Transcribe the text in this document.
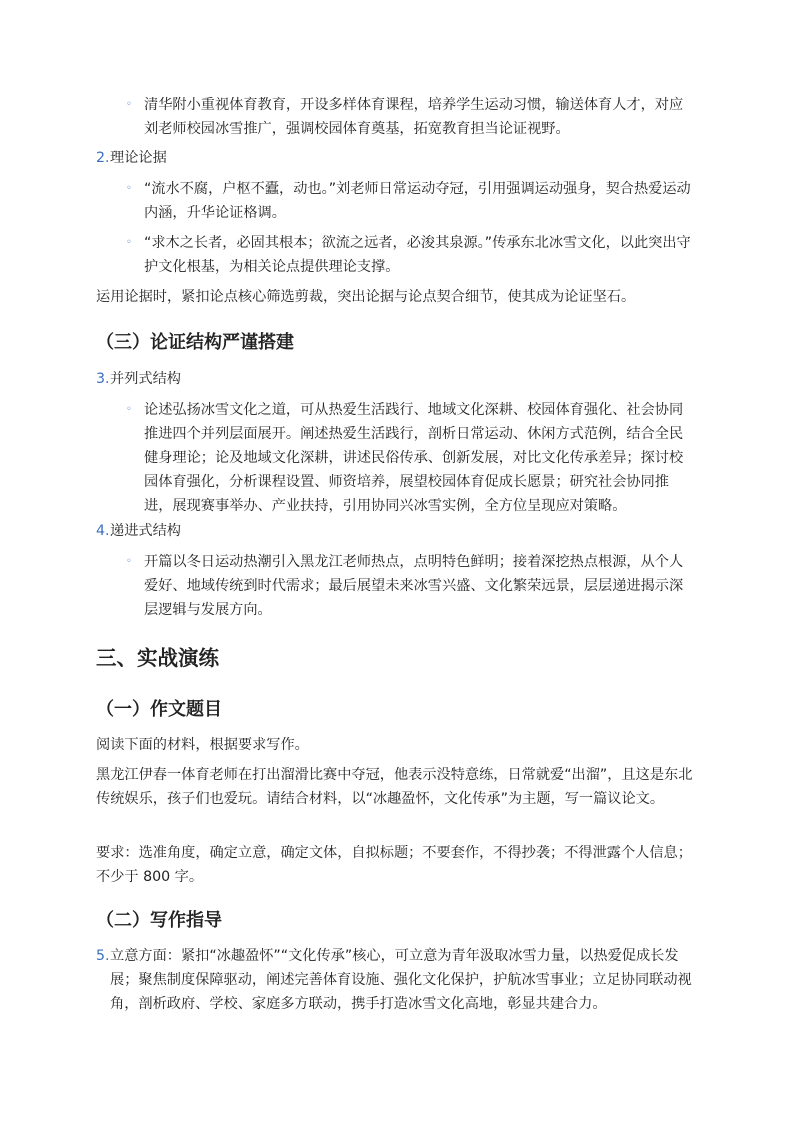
◦ 清华附小重视体育教育，开设多样体育课程，培养学生运动习惯，输送体育人才，对应刘老师校园冰雪推广，强调校园体育奠基，拓宽教育担当论证视野。
2. 理论论据
◦ “流水不腐，户枢不蠹，动也。”刘老师日常运动夺冠，引用强调运动强身，契合热爱运动内涵，升华论证格调。
◦ “求木之长者，必固其根本；欲流之远者，必浚其泉源。”传承东北冰雪文化，以此突出守护文化根基，为相关论点提供理论支撑。

运用论据时，紧扣论点核心筛选剪裁，突出论据与论点契合细节，使其成为论证坚石。

（三）论证结构严谨搭建
3. 并列式结构
◦ 论述弘扬冰雪文化之道，可从热爱生活践行、地域文化深耕、校园体育强化、社会协同推进四个并列层面展开。阐述热爱生活践行，剖析日常运动、休闲方式范例，结合全民健身理论；论及地域文化深耕，讲述民俗传承、创新发展，对比文化传承差异；探讨校园体育强化，分析课程设置、师资培养，展望校园体育促成长愿景；研究社会协同推进，展现赛事举办、产业扶持，引用协同兴冰雪实例，全方位呈现应对策略。
4. 递进式结构
◦ 开篇以冬日运动热潮引入黑龙江老师热点，点明特色鲜明；接着深挖热点根源，从个人爱好、地域传统到时代需求；最后展望未来冰雪兴盛、文化繁荣远景，层层递进揭示深层逻辑与发展方向。
三、实战演练
（一）作文题目

阅读下面的材料，根据要求写作。

黑龙江伊春一体育老师在打出溜滑比赛中夺冠，他表示没特意练，日常就爱“出溜”，且这是东北传统娱乐，孩子们也爱玩。请结合材料，以“冰趣盈怀，文化传承”为主题，写一篇议论文。

要求：选准角度，确定立意，确定文体，自拟标题；不要套作，不得抄袭；不得泄露个人信息；不少于 800 字。

（二）写作指导
5. 立意方面：紧扣“冰趣盈怀”“文化传承”核心，可立意为青年汲取冰雪力量，以热爱促成长发展；聚焦制度保障驱动，阐述完善体育设施、强化文化保护，护航冰雪事业；立足协同联动视角，剖析政府、学校、家庭多方联动，携手打造冰雪文化高地，彰显共建合力。
